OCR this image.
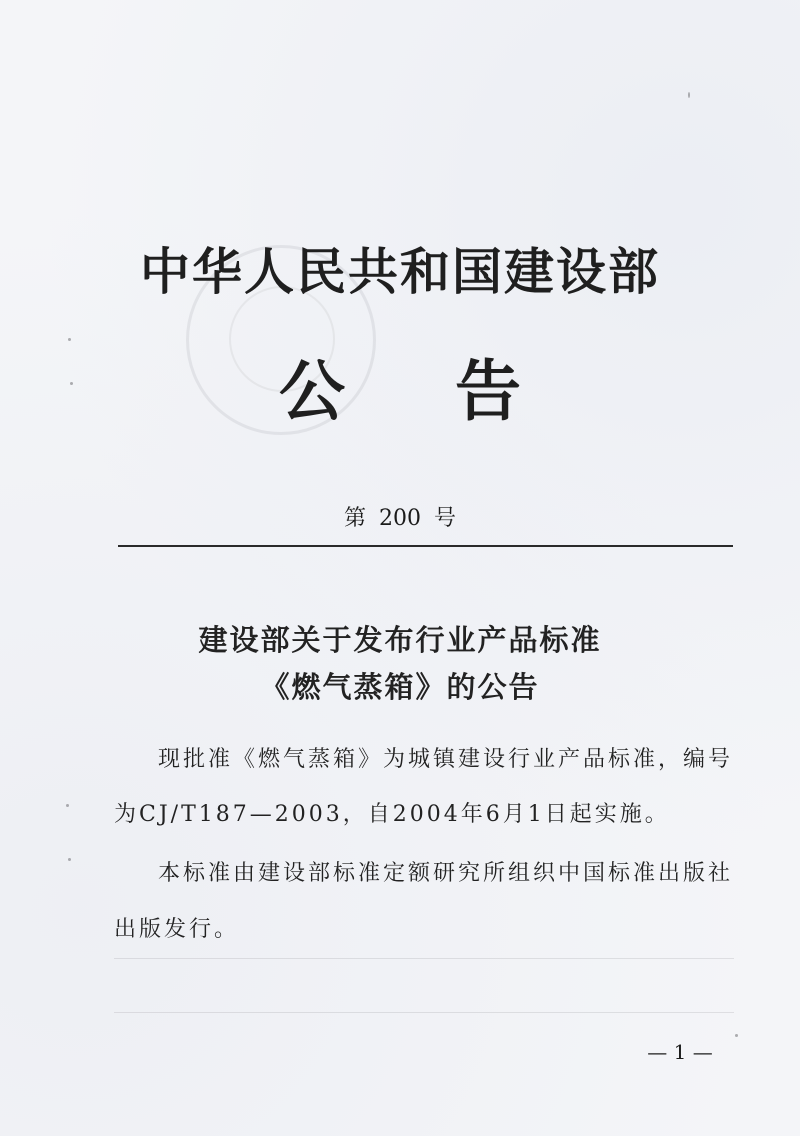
中华人民共和国建设部
公告
第 200 号
建设部关于发布行业产品标准
《燃气蒸箱》的公告
现批准《燃气蒸箱》为城镇建设行业产品标准，编号
为CJ/T187—2003，自2004年6月1日起实施。
本标准由建设部标准定额研究所组织中国标准出版社
出版发行。
— 1 —
